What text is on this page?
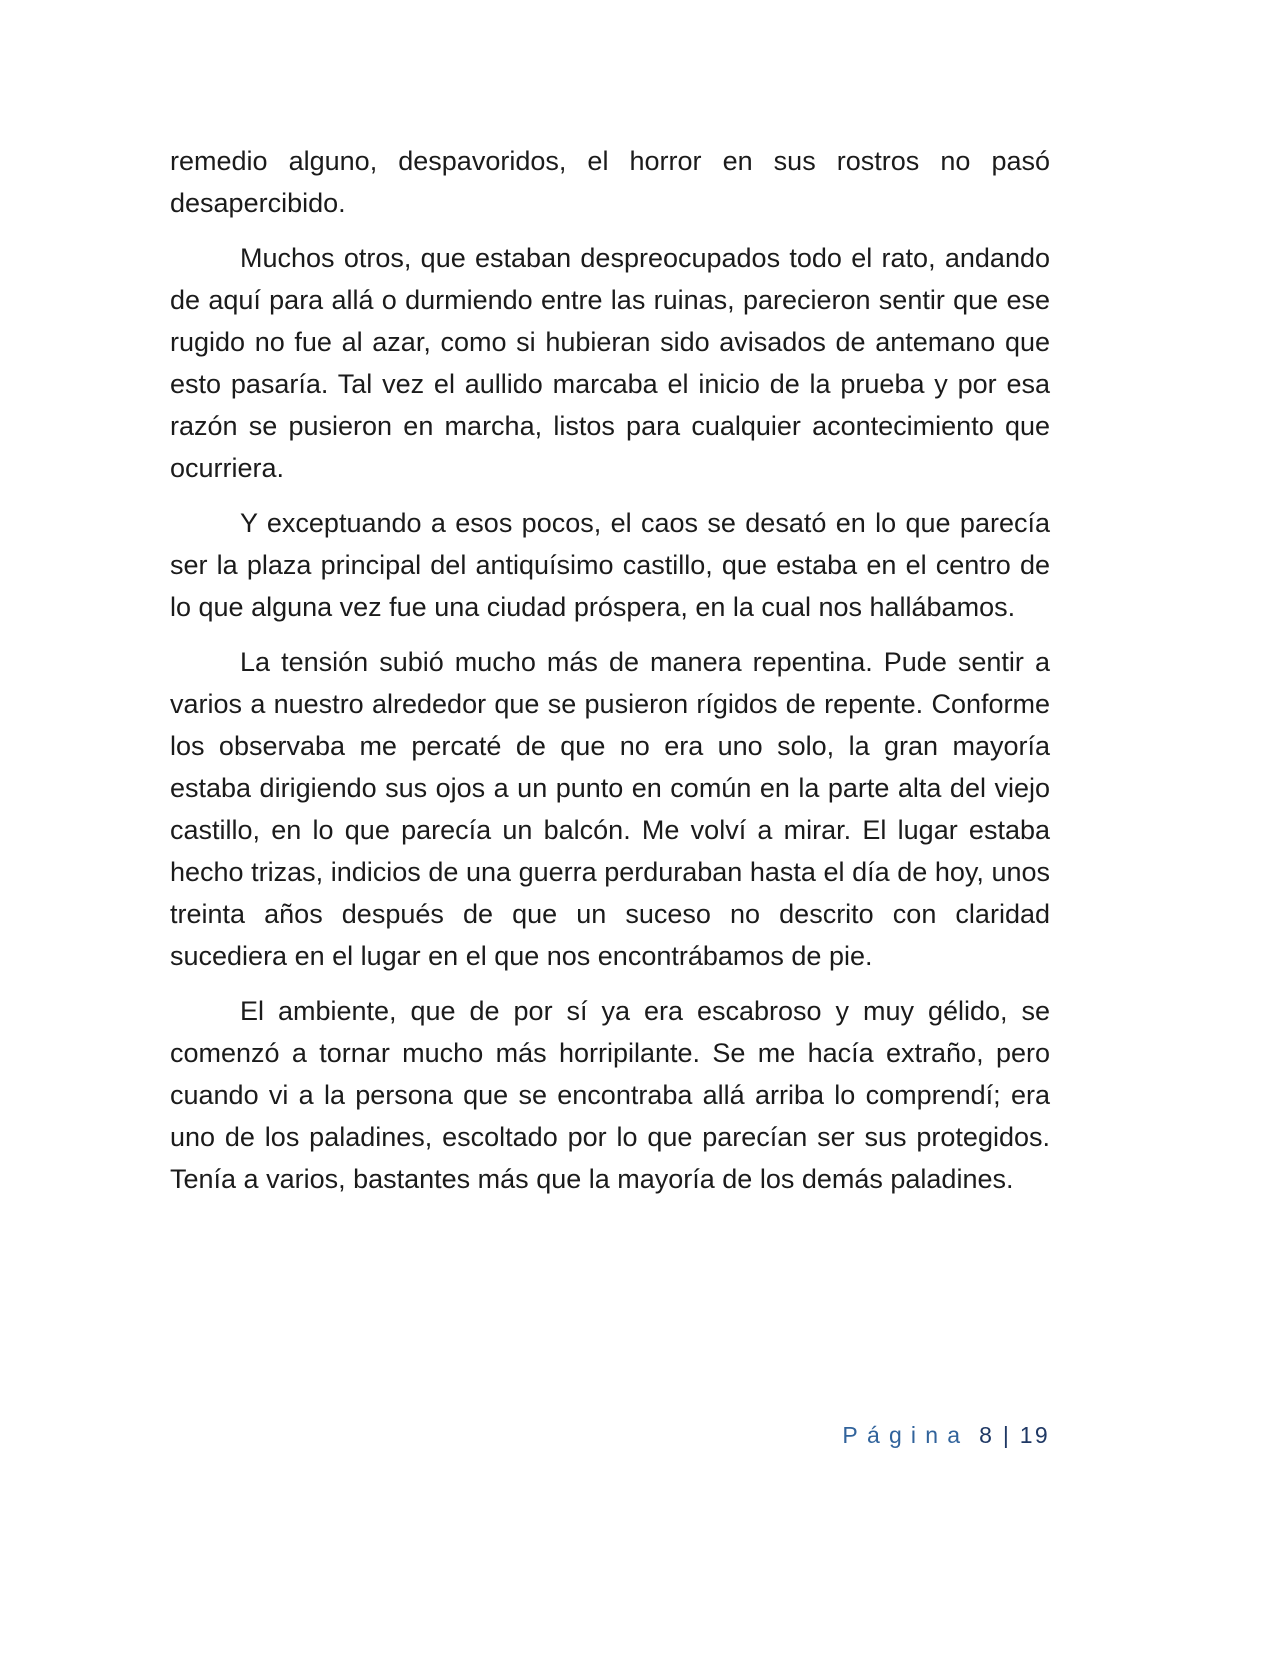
remedio alguno, despavoridos, el horror en sus rostros no pasó desapercibido.

Muchos otros, que estaban despreocupados todo el rato, andando de aquí para allá o durmiendo entre las ruinas, parecieron sentir que ese rugido no fue al azar, como si hubieran sido avisados de antemano que esto pasaría. Tal vez el aullido marcaba el inicio de la prueba y por esa razón se pusieron en marcha, listos para cualquier acontecimiento que ocurriera.

Y exceptuando a esos pocos, el caos se desató en lo que parecía ser la plaza principal del antiquísimo castillo, que estaba en el centro de lo que alguna vez fue una ciudad próspera, en la cual nos hallábamos.

La tensión subió mucho más de manera repentina. Pude sentir a varios a nuestro alrededor que se pusieron rígidos de repente. Conforme los observaba me percaté de que no era uno solo, la gran mayoría estaba dirigiendo sus ojos a un punto en común en la parte alta del viejo castillo, en lo que parecía un balcón. Me volví a mirar. El lugar estaba hecho trizas, indicios de una guerra perduraban hasta el día de hoy, unos treinta años después de que un suceso no descrito con claridad sucediera en el lugar en el que nos encontrábamos de pie.

El ambiente, que de por sí ya era escabroso y muy gélido, se comenzó a tornar mucho más horripilante. Se me hacía extraño, pero cuando vi a la persona que se encontraba allá arriba lo comprendí; era uno de los paladines, escoltado por lo que parecían ser sus protegidos. Tenía a varios, bastantes más que la mayoría de los demás paladines.

Página 8 | 19
